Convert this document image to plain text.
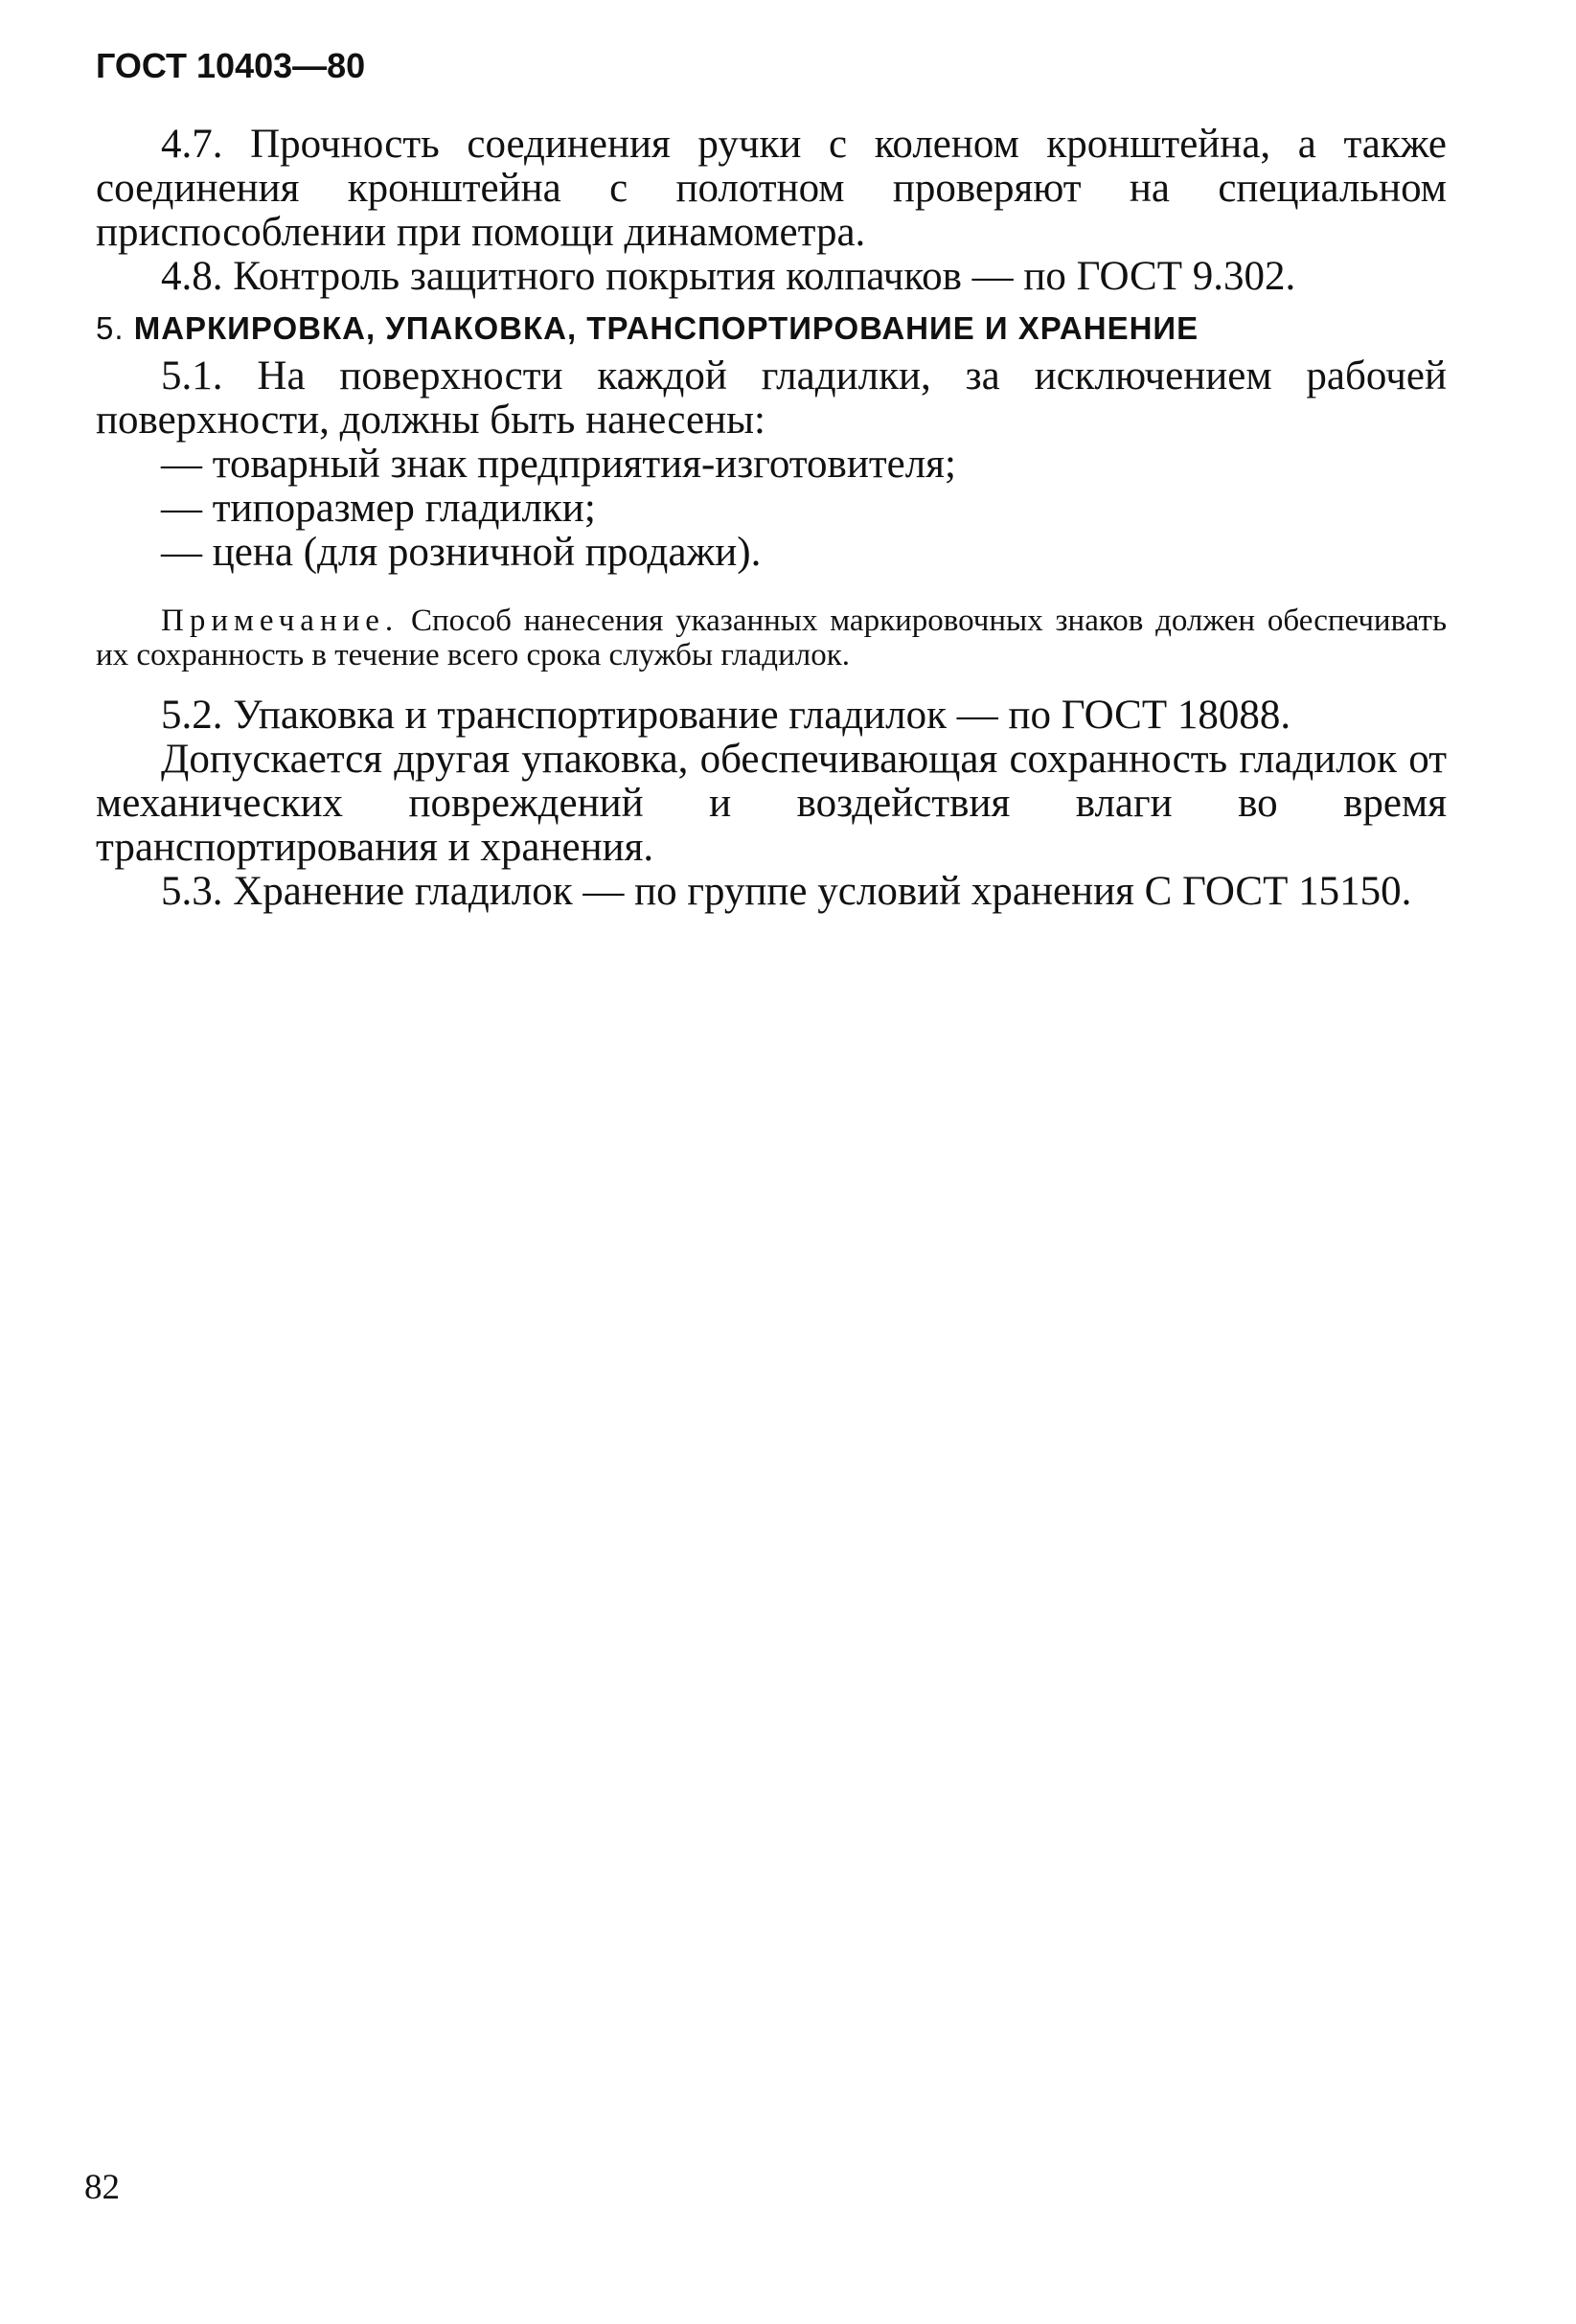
ГОСТ 10403—80

4.7. Прочность соединения ручки с коленом кронштейна, а также соединения кронштейна с полотном проверяют на специальном приспособлении при помощи динамометра.

4.8. Контроль защитного покрытия колпачков — по ГОСТ 9.302.

5. МАРКИРОВКА, УПАКОВКА, ТРАНСПОРТИРОВАНИЕ И ХРАНЕНИЕ

5.1. На поверхности каждой гладилки, за исключением рабочей поверхности, должны быть нанесены:

— товарный знак предприятия-изготовителя;
— типоразмер гладилки;
— цена (для розничной продажи).

Примечание. Способ нанесения указанных маркировочных знаков должен обеспечивать их сохранность в течение всего срока службы гладилок.

5.2. Упаковка и транспортирование гладилок — по ГОСТ 18088.

Допускается другая упаковка, обеспечивающая сохранность гладилок от механических повреждений и воздействия влаги во время транспортирования и хранения.

5.3. Хранение гладилок — по группе условий хранения С ГОСТ 15150.

82
